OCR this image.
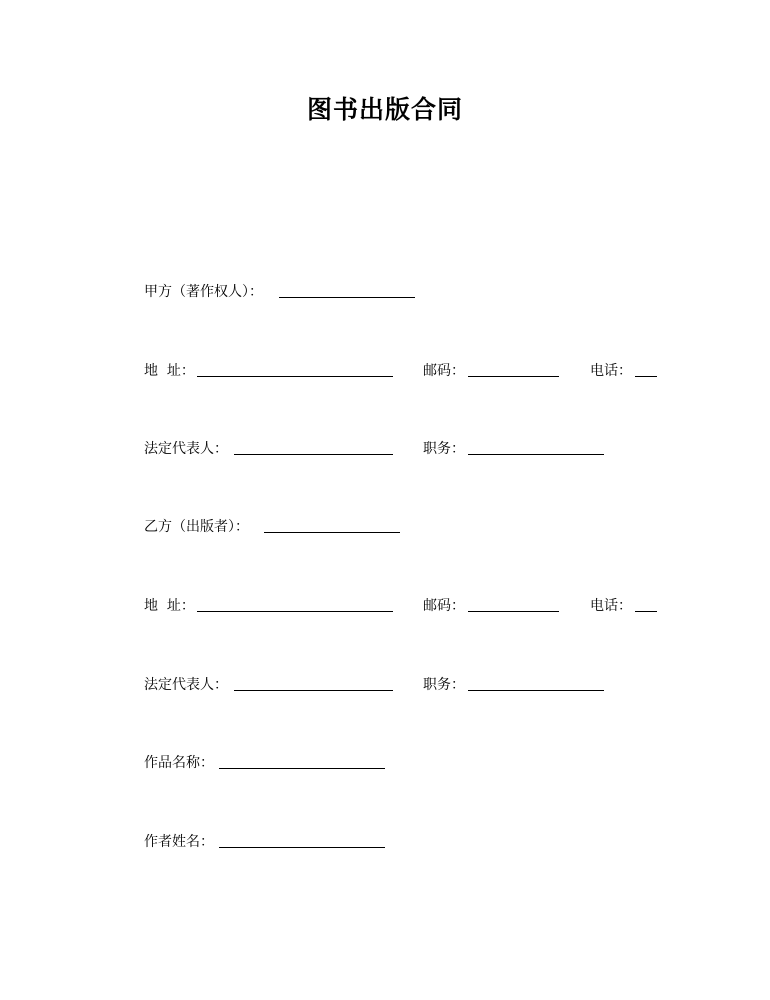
图书出版合同
甲方（著作权人）：
地  址：	邮码：	电话：
法定代表人：	职务：
乙方（出版者）：
地  址：	邮码：	电话：
法定代表人：	职务：
作品名称：
作者姓名：
